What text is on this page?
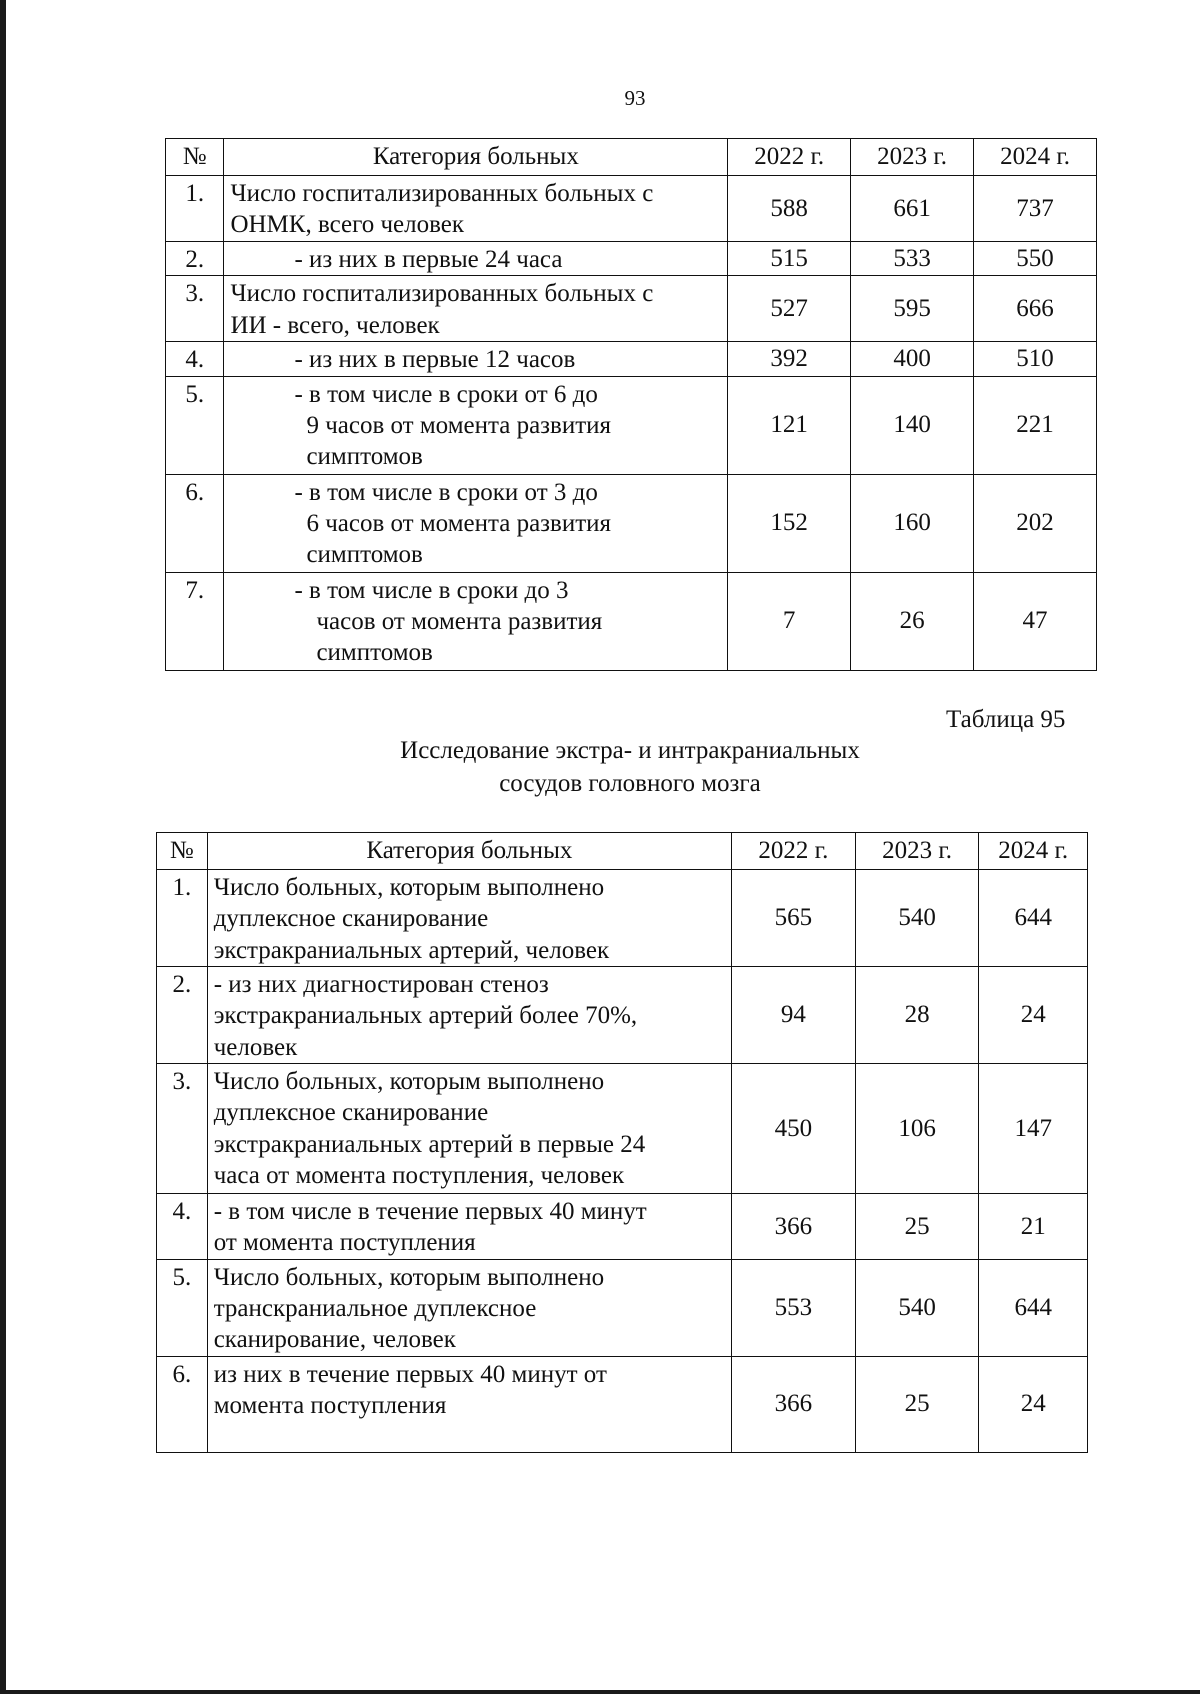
93
№	Категория больных	2022 г.	2023 г.	2024 г.
1.	Число госпитализированных больных с
ОНМК, всего человек	588	661	737
2.	- из них в первые 24 часа	515	533	550
3.	Число госпитализированных больных с
ИИ - всего, человек	527	595	666
4.	- из них в первые 12 часов	392	400	510
5.	- в том числе в сроки от 6 до
9 часов от момента развития
симптомов	121	140	221
6.	- в том числе в сроки от 3 до
6 часов от момента развития
симптомов	152	160	202
7.	- в том числе в сроки до 3
часов от момента развития
симптомов	7	26	47
Таблица 95
Исследование экстра- и интракраниальных
сосудов головного мозга
№	Категория больных	2022 г.	2023 г.	2024 г.
1.	Число больных, которым выполнено
дуплексное сканирование
экстракраниальных артерий, человек	565	540	644
2.	- из них диагностирован стеноз
экстракраниальных артерий более 70%,
человек	94	28	24
3.	Число больных, которым выполнено
дуплексное сканирование
экстракраниальных артерий в первые 24
часа от момента поступления, человек	450	106	147
4.	- в том числе в течение первых 40 минут
от момента поступления	366	25	21
5.	Число больных, которым выполнено
транскраниальное дуплексное
сканирование, человек	553	540	644
6.	из них в течение первых 40 минут от
момента поступления	366	25	24
